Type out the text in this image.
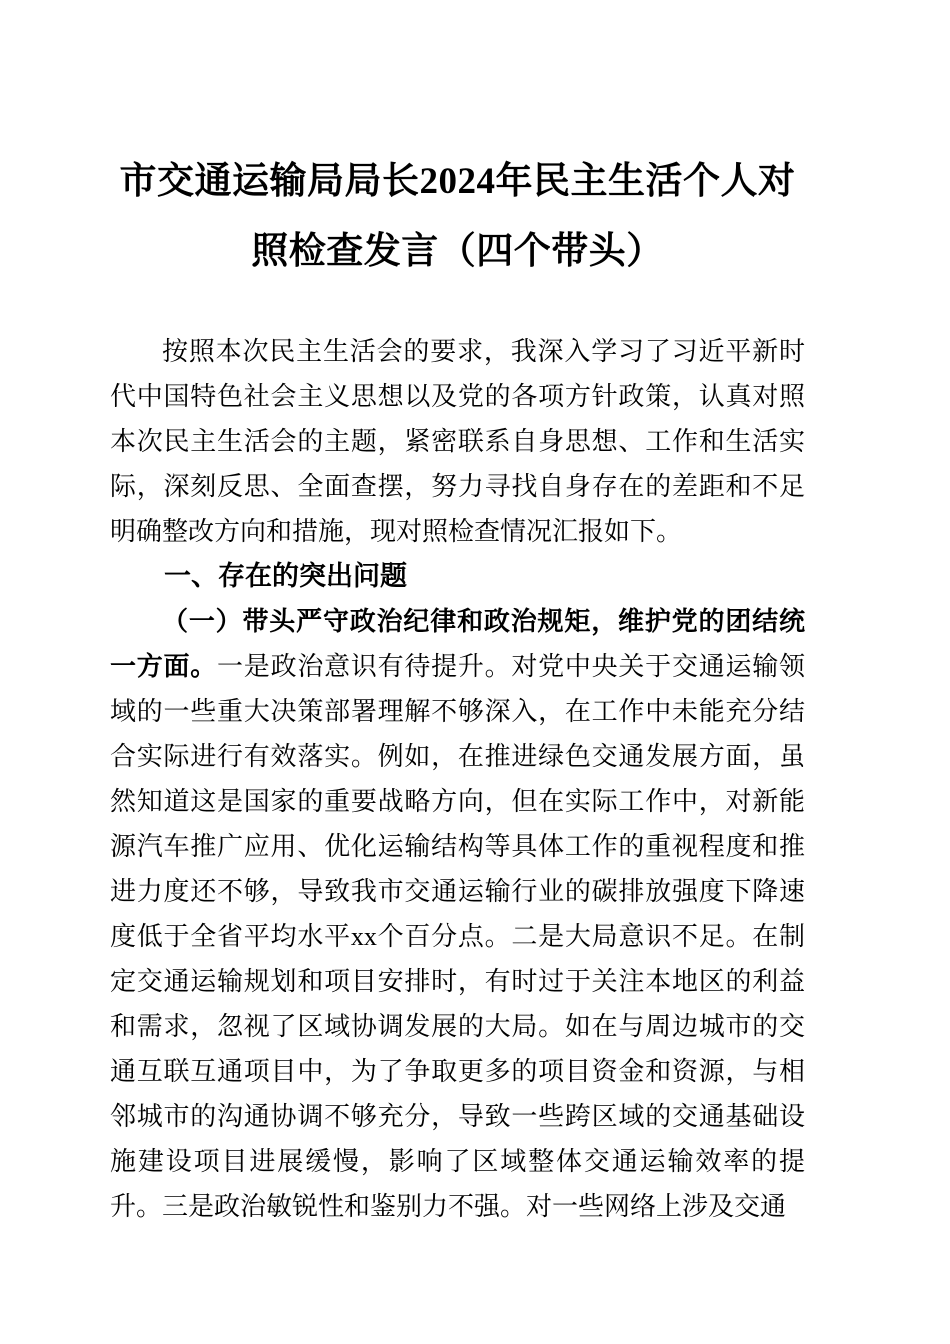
市交通运输局局长2024年民主生活个人对照检查发言（四个带头）

按照本次民主生活会的要求，我深入学习了习近平新时代中国特色社会主义思想以及党的各项方针政策，认真对照本次民主生活会的主题，紧密联系自身思想、工作和生活实际，深刻反思、全面查摆，努力寻找自身存在的差距和不足明确整改方向和措施，现对照检查情况汇报如下。

一、存在的突出问题

（一）带头严守政治纪律和政治规矩，维护党的团结统一方面。一是政治意识有待提升。对党中央关于交通运输领域的一些重大决策部署理解不够深入，在工作中未能充分结合实际进行有效落实。例如，在推进绿色交通发展方面，虽然知道这是国家的重要战略方向，但在实际工作中，对新能源汽车推广应用、优化运输结构等具体工作的重视程度和推进力度还不够，导致我市交通运输行业的碳排放强度下降速度低于全省平均水平xx个百分点。二是大局意识不足。在制定交通运输规划和项目安排时，有时过于关注本地区的利益和需求，忽视了区域协调发展的大局。如在与周边城市的交通互联互通项目中，为了争取更多的项目资金和资源，与相邻城市的沟通协调不够充分，导致一些跨区域的交通基础设施建设项目进展缓慢，影响了区域整体交通运输效率的提升。三是政治敏锐性和鉴别力不强。对一些网络上涉及交通
